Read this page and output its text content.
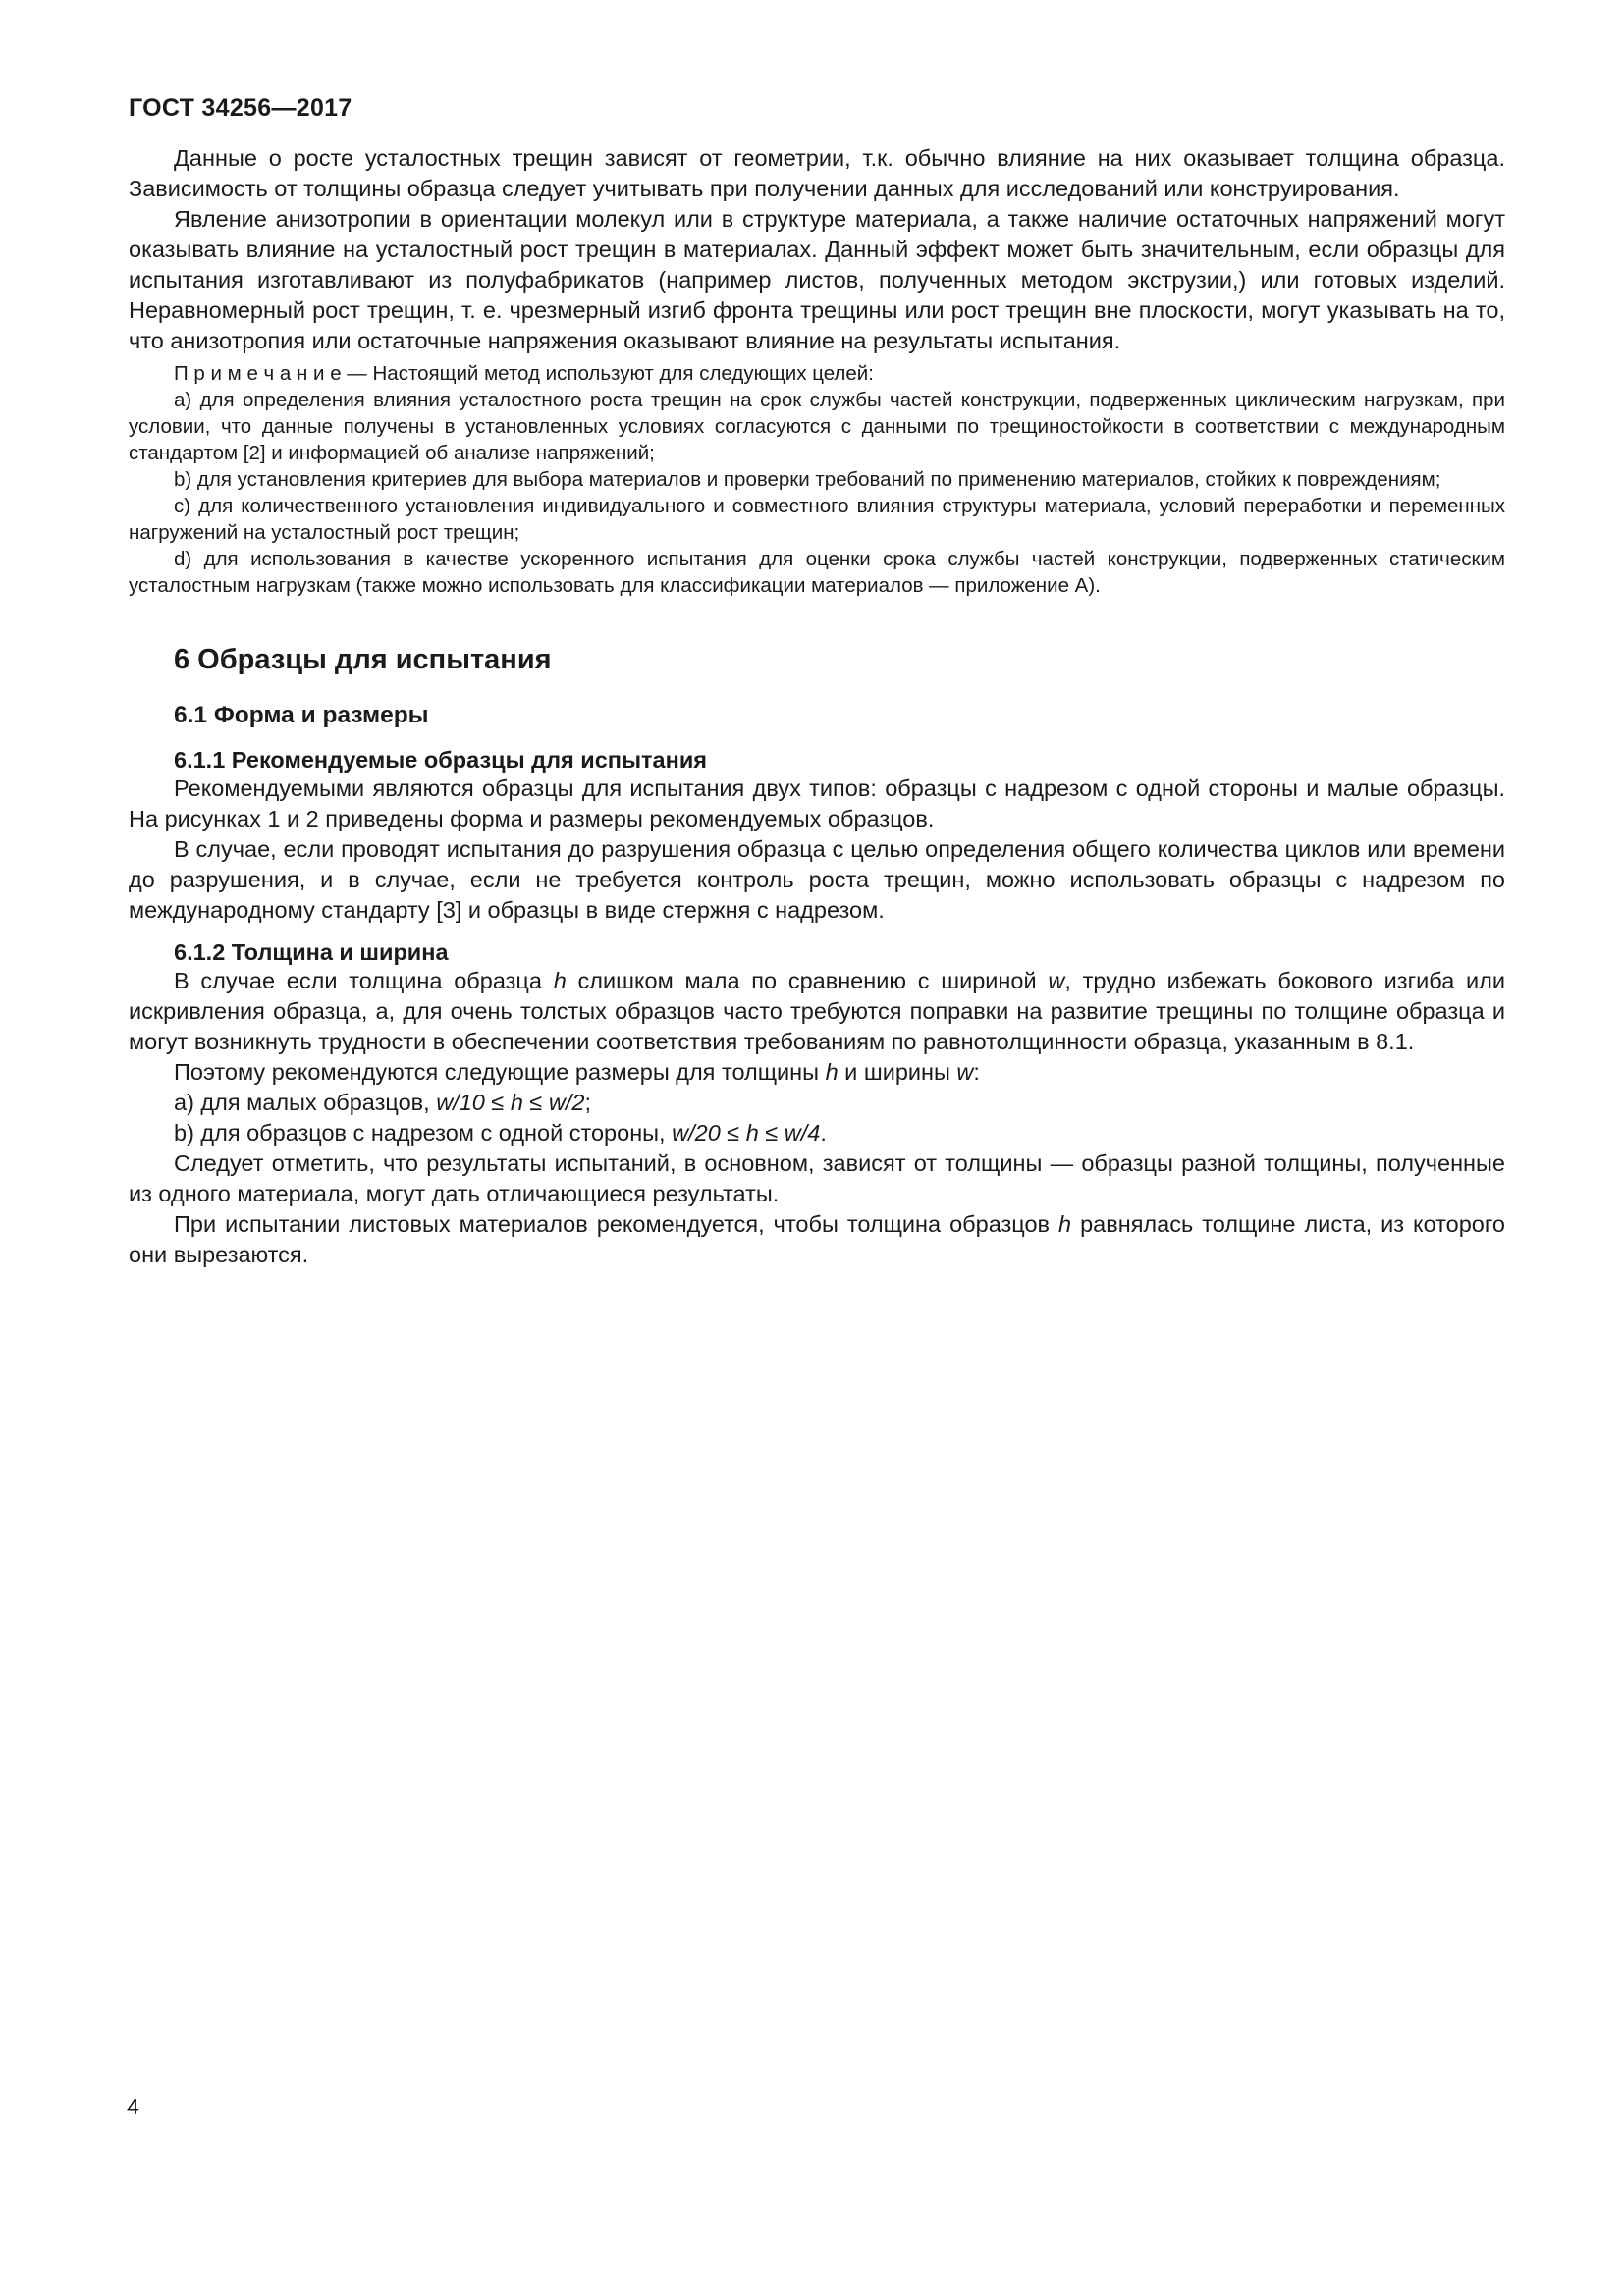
ГОСТ 34256—2017

Данные о росте усталостных трещин зависят от геометрии, т.к. обычно влияние на них оказывает толщина образца. Зависимость от толщины образца следует учитывать при получении данных для исследований или конструирования.

Явление анизотропии в ориентации молекул или в структуре материала, а также наличие остаточных напряжений могут оказывать влияние на усталостный рост трещин в материалах. Данный эффект может быть значительным, если образцы для испытания изготавливают из полуфабрикатов (например листов, полученных методом экструзии,) или готовых изделий. Неравномерный рост трещин, т. е. чрезмерный изгиб фронта трещины или рост трещин вне плоскости, могут указывать на то, что анизотропия или остаточные напряжения оказывают влияние на результаты испытания.

П р и м е ч а н и е — Настоящий метод используют для следующих целей:

a) для определения влияния усталостного роста трещин на срок службы частей конструкции, подверженных циклическим нагрузкам, при условии, что данные получены в установленных условиях согласуются с данными по трещиностойкости в соответствии с международным стандартом [2] и информацией об анализе напряжений;

b) для установления критериев для выбора материалов и проверки требований по применению материалов, стойких к повреждениям;

c) для количественного установления индивидуального и совместного влияния структуры материала, условий переработки и переменных нагружений на усталостный рост трещин;

d) для использования в качестве ускоренного испытания для оценки срока службы частей конструкции, подверженных статическим усталостным нагрузкам (также можно использовать для классификации материалов — приложение А).

6 Образцы для испытания
6.1 Форма и размеры
6.1.1 Рекомендуемые образцы для испытания

Рекомендуемыми являются образцы для испытания двух типов: образцы с надрезом с одной стороны и малые образцы. На рисунках 1 и 2 приведены форма и размеры рекомендуемых образцов.

В случае, если проводят испытания до разрушения образца с целью определения общего количества циклов или времени до разрушения, и в случае, если не требуется контроль роста трещин, можно использовать образцы с надрезом по международному стандарту [3] и образцы в виде стержня с надрезом.

6.1.2 Толщина и ширина

В случае если толщина образца h слишком мала по сравнению с шириной w, трудно избежать бокового изгиба или искривления образца, а, для очень толстых образцов часто требуются поправки на развитие трещины по толщине образца и могут возникнуть трудности в обеспечении соответствия требованиям по равнотолщинности образца, указанным в 8.1.

Поэтому рекомендуются следующие размеры для толщины h и ширины w:

a) для малых образцов, w/10 ≤ h ≤ w/2;

b) для образцов с надрезом с одной стороны, w/20 ≤ h ≤ w/4.

Следует отметить, что результаты испытаний, в основном, зависят от толщины — образцы разной толщины, полученные из одного материала, могут дать отличающиеся результаты.

При испытании листовых материалов рекомендуется, чтобы толщина образцов h равнялась толщине листа, из которого они вырезаются.

4
